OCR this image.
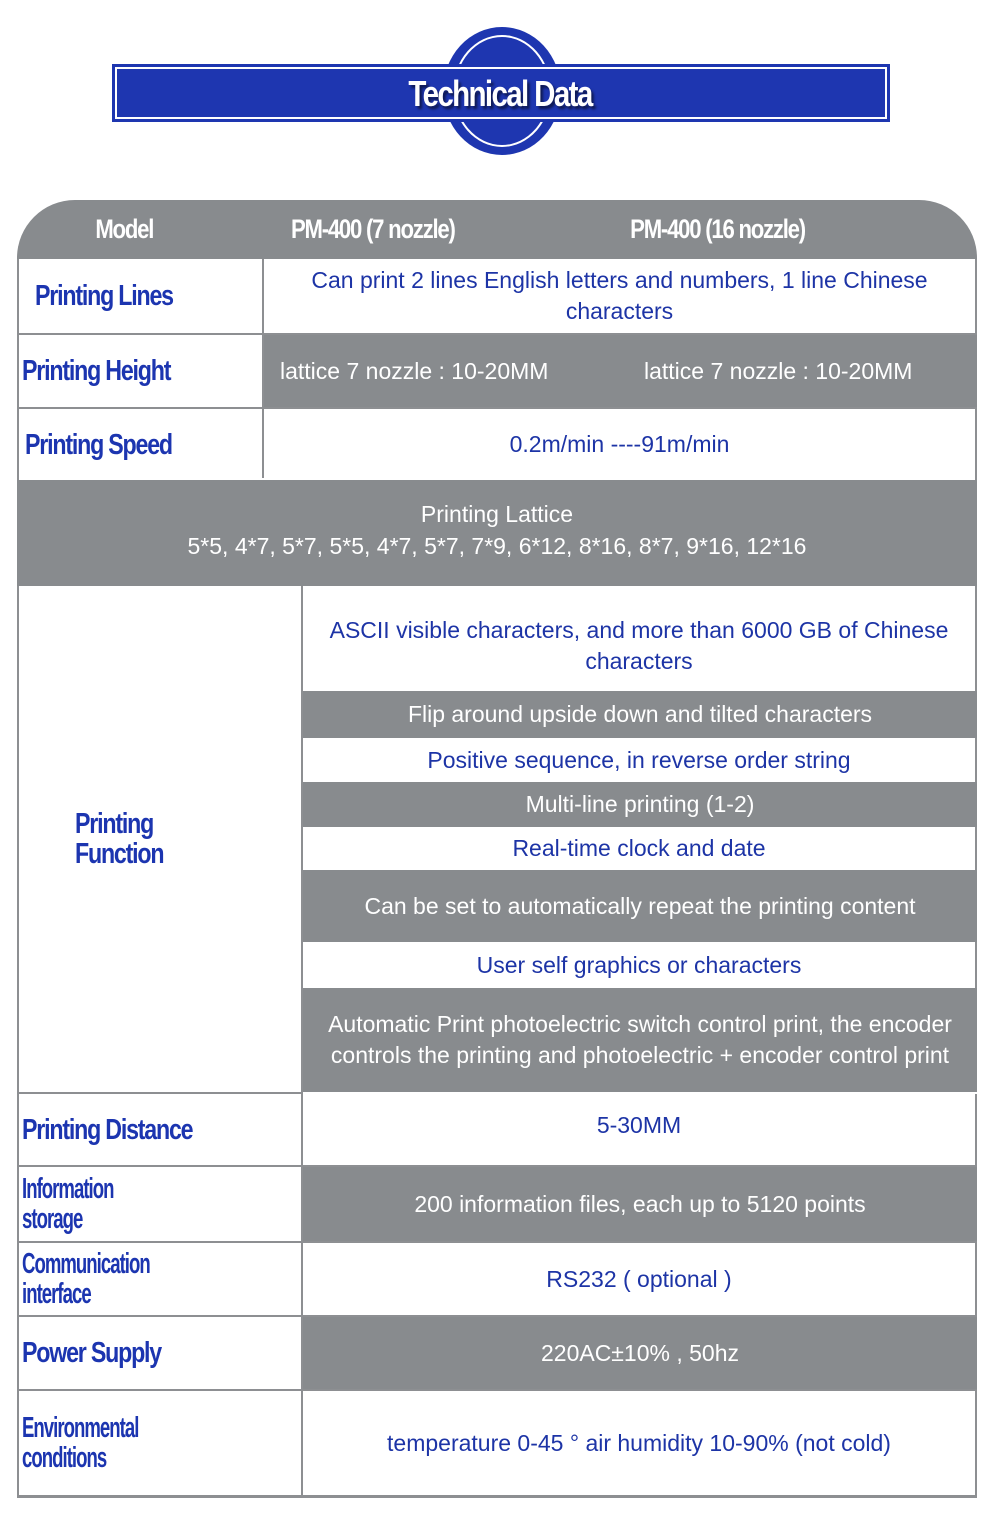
Technical Data
Model	PM-400 (7 nozzle)	PM-400 (16 nozzle)
Printing Lines	Can print 2 lines English letters and numbers, 1 line Chinese characters
Printing Height	lattice 7 nozzle : 10-20MM	lattice 7 nozzle : 10-20MM
Printing Speed	0.2m/min ----91m/min
Printing Lattice
5*5, 4*7, 5*7, 5*5, 4*7, 5*7, 7*9, 6*12, 8*16, 8*7, 9*16, 12*16
Printing
Function
ASCII visible characters, and more than 6000 GB of Chinese characters
Flip around upside down and tilted characters
Positive sequence, in reverse order string
Multi-line printing (1-2)
Real-time clock and date
Can be set to automatically repeat the printing content
User self graphics or characters
Automatic Print photoelectric switch control print, the encoder controls the printing and photoelectric + encoder control print
Printing Distance	5-30MM
Information
storage	200 information files, each up to 5120 points
Communication
interface	RS232 ( optional )
Power Supply	220AC±10% , 50hz
Environmental
conditions	temperature 0-45 ° air humidity 10-90% (not cold)
